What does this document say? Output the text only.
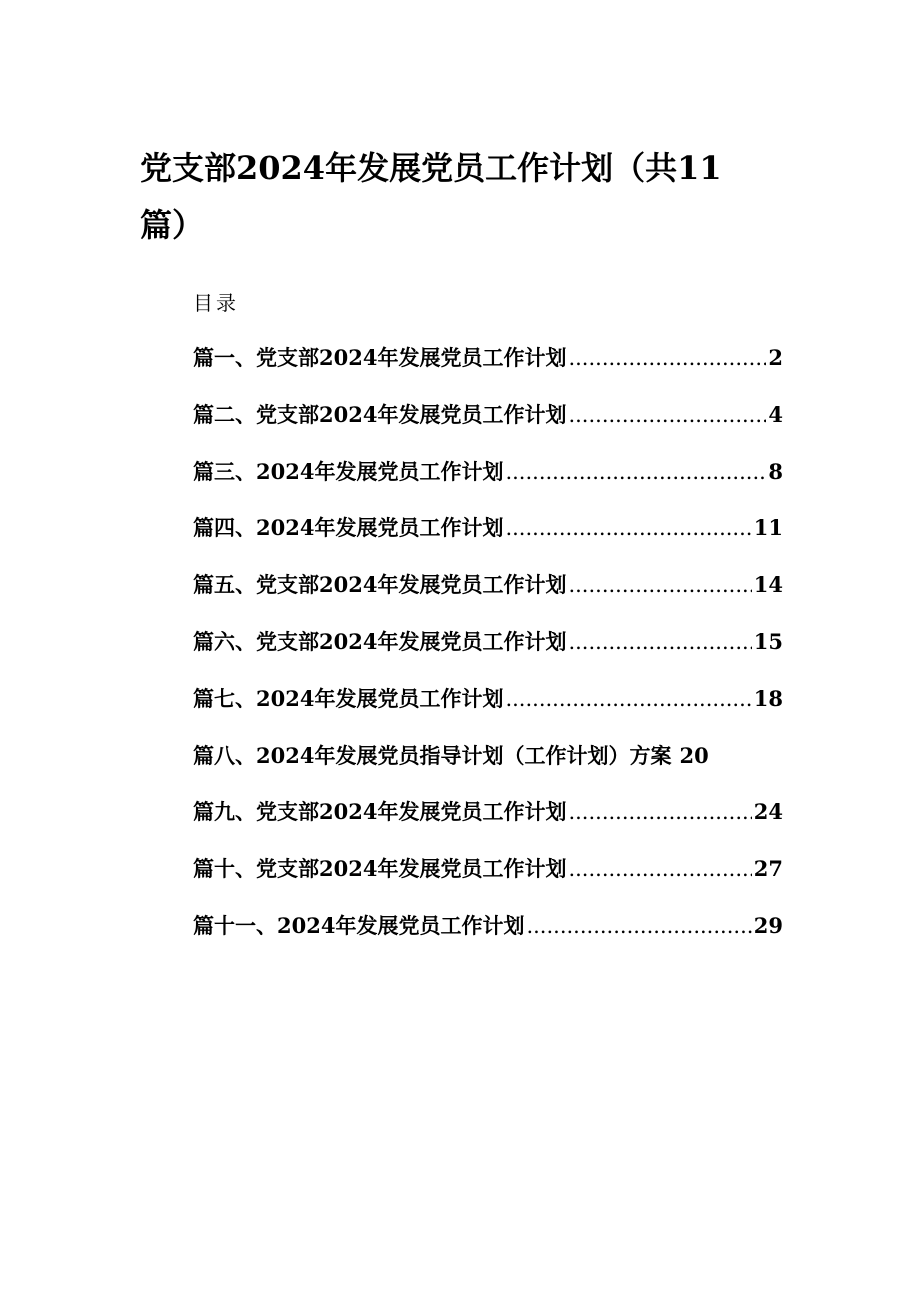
党支部2024年发展党员工作计划（共11篇）
目录
篇一、党支部2024年发展党员工作计划 .....	2
篇二、党支部2024年发展党员工作计划 .....	4
篇三、2024年发展党员工作计划 .....	8
篇四、2024年发展党员工作计划 .....	11
篇五、党支部2024年发展党员工作计划 .....	14
篇六、党支部2024年发展党员工作计划 .....	15
篇七、2024年发展党员工作计划 .....	18
篇八、2024年发展党员指导计划（工作计划）方案 20
篇九、党支部2024年发展党员工作计划 .....	24
篇十、党支部2024年发展党员工作计划 .....	27
篇十一、2024年发展党员工作计划 .....	29
